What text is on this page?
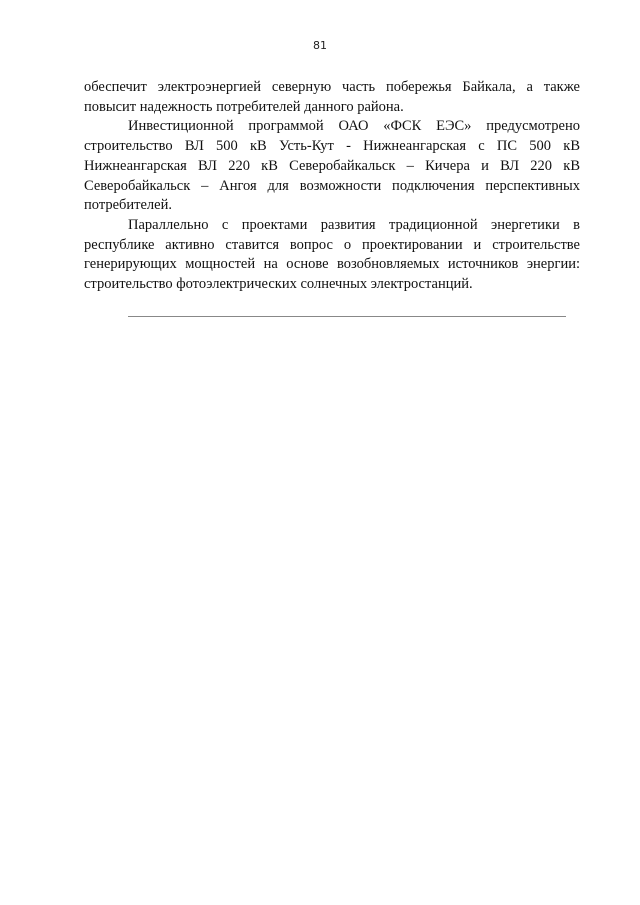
81

обеспечит электроэнергией северную часть побережья Байкала, а также повысит надежность потребителей данного района.

Инвестиционной программой ОАО «ФСК ЕЭС» предусмотрено строительство ВЛ 500 кВ Усть-Кут - Нижнеангарская с ПС 500 кВ Нижнеангарская ВЛ 220 кВ Северобайкальск – Кичера и ВЛ 220 кВ Северобайкальск – Ангоя для возможности подключения перспективных потребителей.

Параллельно с проектами развития традиционной энергетики в республике активно ставится вопрос о проектировании и строительстве генерирующих мощностей на основе возобновляемых источников энергии: строительство фотоэлектрических солнечных электростанций.
